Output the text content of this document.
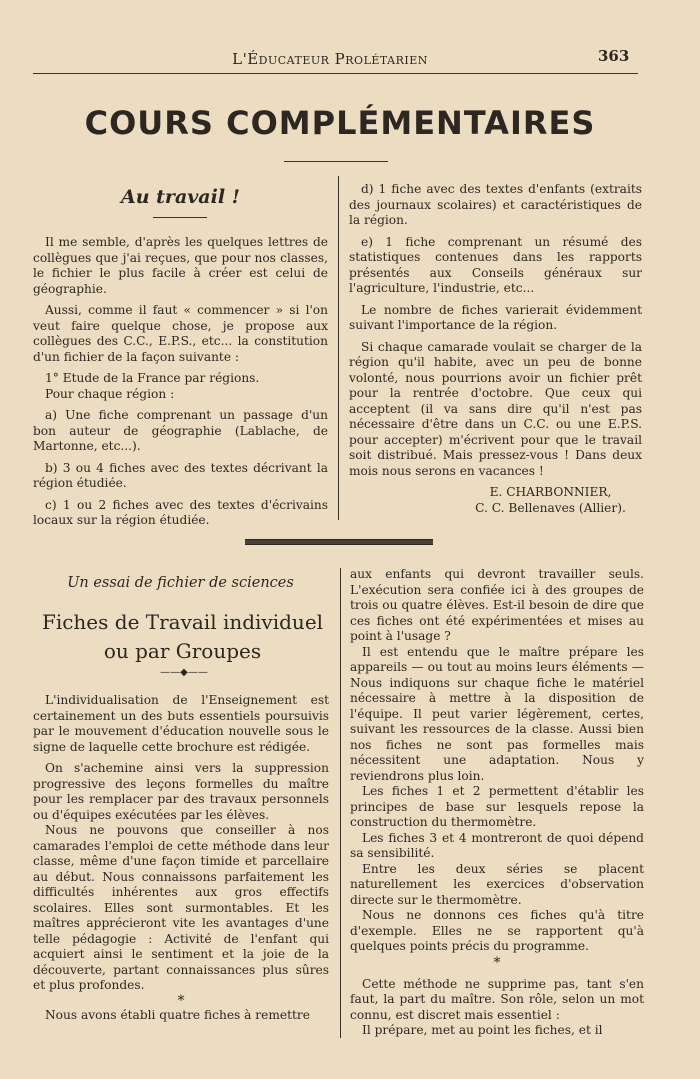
L'Éducateur Prolétarien	363
COURS COMPLÉMENTAIRES
Au travail !

Il me semble, d'après les quelques lettres de collègues que j'ai reçues, que pour nos classes, le fichier le plus facile à créer est celui de géographie.

Aussi, comme il faut « commencer » si l'on veut faire quelque chose, je propose aux collègues des C.C., E.P.S., etc... la constitution d'un fichier de la façon suivante :

1° Etude de la France par régions.

Pour chaque région :

a) Une fiche comprenant un passage d'un bon auteur de géographie (Lablache, de Martonne, etc...).

b) 3 ou 4 fiches avec des textes décrivant la région étudiée.

c) 1 ou 2 fiches avec des textes d'écrivains locaux sur la région étudiée.

d) 1 fiche avec des textes d'enfants (extraits des journaux scolaires) et caractéristiques de la région.

e) 1 fiche comprenant un résumé des statistiques contenues dans les rapports présentés aux Conseils généraux sur l'agriculture, l'industrie, etc...

Le nombre de fiches varierait évidemment suivant l'importance de la région.

Si chaque camarade voulait se charger de la région qu'il habite, avec un peu de bonne volonté, nous pourrions avoir un fichier prêt pour la rentrée d'octobre. Que ceux qui acceptent (il va sans dire qu'il n'est pas nécessaire d'être dans un C.C. ou une E.P.S. pour accepter) m'écrivent pour que le travail soit distribué. Mais pressez-vous ! Dans deux mois nous serons en vacances !

E. CHARBONNIER,

C. C. Bellenaves (Allier).

Un essai de fichier de sciences
Fiches de Travail individuel
ou par Groupes
——◆——

L'individualisation de l'Enseignement est certainement un des buts essentiels poursuivis par le mouvement d'éducation nouvelle sous le signe de laquelle cette brochure est rédigée.

On s'achemine ainsi vers la suppression progressive des leçons formelles du maître pour les remplacer par des travaux personnels ou d'équipes exécutées par les élèves.

Nous ne pouvons que conseiller à nos camarades l'emploi de cette méthode dans leur classe, même d'une façon timide et parcellaire au début. Nous connaissons parfaitement les difficultés inhérentes aux gros effectifs scolaires. Elles sont surmontables. Et les maîtres apprécieront vite les avantages d'une telle pédagogie : Activité de l'enfant qui acquiert ainsi le sentiment et la joie de la découverte, partant connaissances plus sûres et plus profondes.

*

Nous avons établi quatre fiches à remettre

aux enfants qui devront travailler seuls. L'exécution sera confiée ici à des groupes de trois ou quatre élèves. Est-il besoin de dire que ces fiches ont été expérimentées et mises au point à l'usage ?

Il est entendu que le maître prépare les appareils — ou tout au moins leurs éléments — Nous indiquons sur chaque fiche le matériel nécessaire à mettre à la disposition de l'équipe. Il peut varier légèrement, certes, suivant les ressources de la classe. Aussi bien nos fiches ne sont pas formelles mais nécessitent une adaptation. Nous y reviendrons plus loin.

Les fiches 1 et 2 permettent d'établir les principes de base sur lesquels repose la construction du thermomètre.

Les fiches 3 et 4 montreront de quoi dépend sa sensibilité.

Entre les deux séries se placent naturellement les exercices d'observation directe sur le thermomètre.

Nous ne donnons ces fiches qu'à titre d'exemple. Elles ne se rapportent qu'à quelques points précis du programme.

*

Cette méthode ne supprime pas, tant s'en faut, la part du maître. Son rôle, selon un mot connu, est discret mais essentiel :

Il prépare, met au point les fiches, et il
